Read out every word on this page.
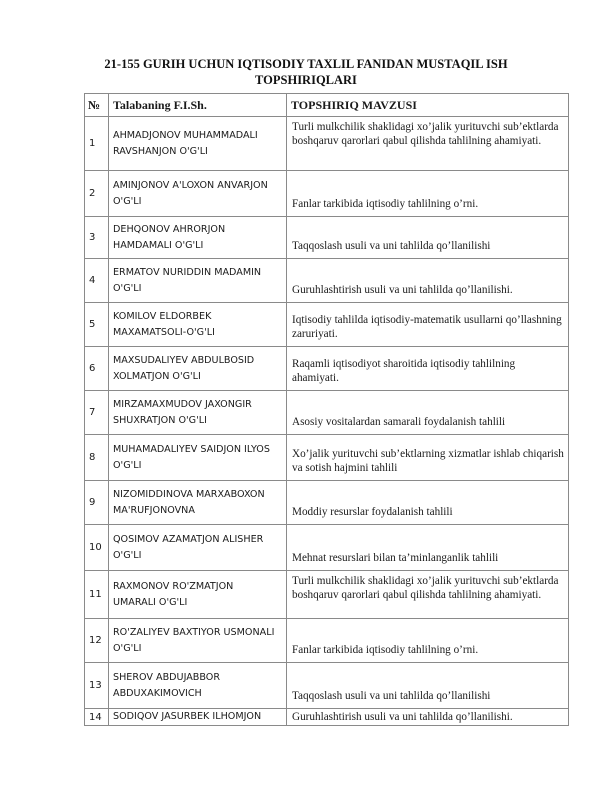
21-155 GURIH UCHUN IQTISODIY TAXLIL FANIDAN MUSTAQIL ISH
TOPSHIRIQLARI
№	Talabaning F.I.Sh.	TOPSHIRIQ MAVZUSI
1	AHMADJONOV MUHAMMADALI
RAVSHANJON O'G'LI	Turli mulkchilik shaklidagi xo’jalik yurituvchi sub’ektlarda boshqaruv qarorlari qabul qilishda tahlilning ahamiyati.
2	AMINJONOV A'LOXON ANVARJON
O'G'LI	Fanlar tarkibida iqtisodiy tahlilning o’rni.
3	DEHQONOV AHRORJON
HAMDAMALI O'G'LI	Taqqoslash usuli va uni tahlilda qo’llanilishi
4	ERMATOV NURIDDIN MADAMIN
O'G'LI	Guruhlashtirish usuli va uni tahlilda qo’llanilishi.
5	KOMILOV ELDORBEK
MAXAMATSOLI-O'G'LI	Iqtisodiy tahlilda iqtisodiy-matematik usullarni qo’llashning zaruriyati.
6	MAXSUDALIYEV ABDULBOSID
XOLMATJON O'G'LI	Raqamli iqtisodiyot sharoitida iqtisodiy tahlilning ahamiyati.
7	MIRZAMAXMUDOV JAXONGIR
SHUXRATJON O'G'LI	Asosiy vositalardan samarali foydalanish tahlili
8	MUHAMADALIYEV SAIDJON ILYOS
O'G'LI	Xo’jalik yurituvchi sub’ektlarning xizmatlar ishlab chiqarish va sotish hajmini tahlili
9	NIZOMIDDINOVA MARXABOXON
MA'RUFJONOVNA	Moddiy resurslar foydalanish tahlili
10	QOSIMOV AZAMATJON ALISHER
O'G'LI	Mehnat resurslari bilan ta’minlanganlik tahlili
11	RAXMONOV RO'ZMATJON
UMARALI O'G'LI	Turli mulkchilik shaklidagi xo’jalik yurituvchi sub’ektlarda boshqaruv qarorlari qabul qilishda tahlilning ahamiyati.
12	RO'ZALIYEV BAXTIYOR USMONALI
O'G'LI	Fanlar tarkibida iqtisodiy tahlilning o’rni.
13	SHEROV ABDUJABBOR
ABDUXAKIMOVICH	Taqqoslash usuli va uni tahlilda qo’llanilishi
14	SODIQOV JASURBEK ILHOMJON	Guruhlashtirish usuli va uni tahlilda qo’llanilishi.
